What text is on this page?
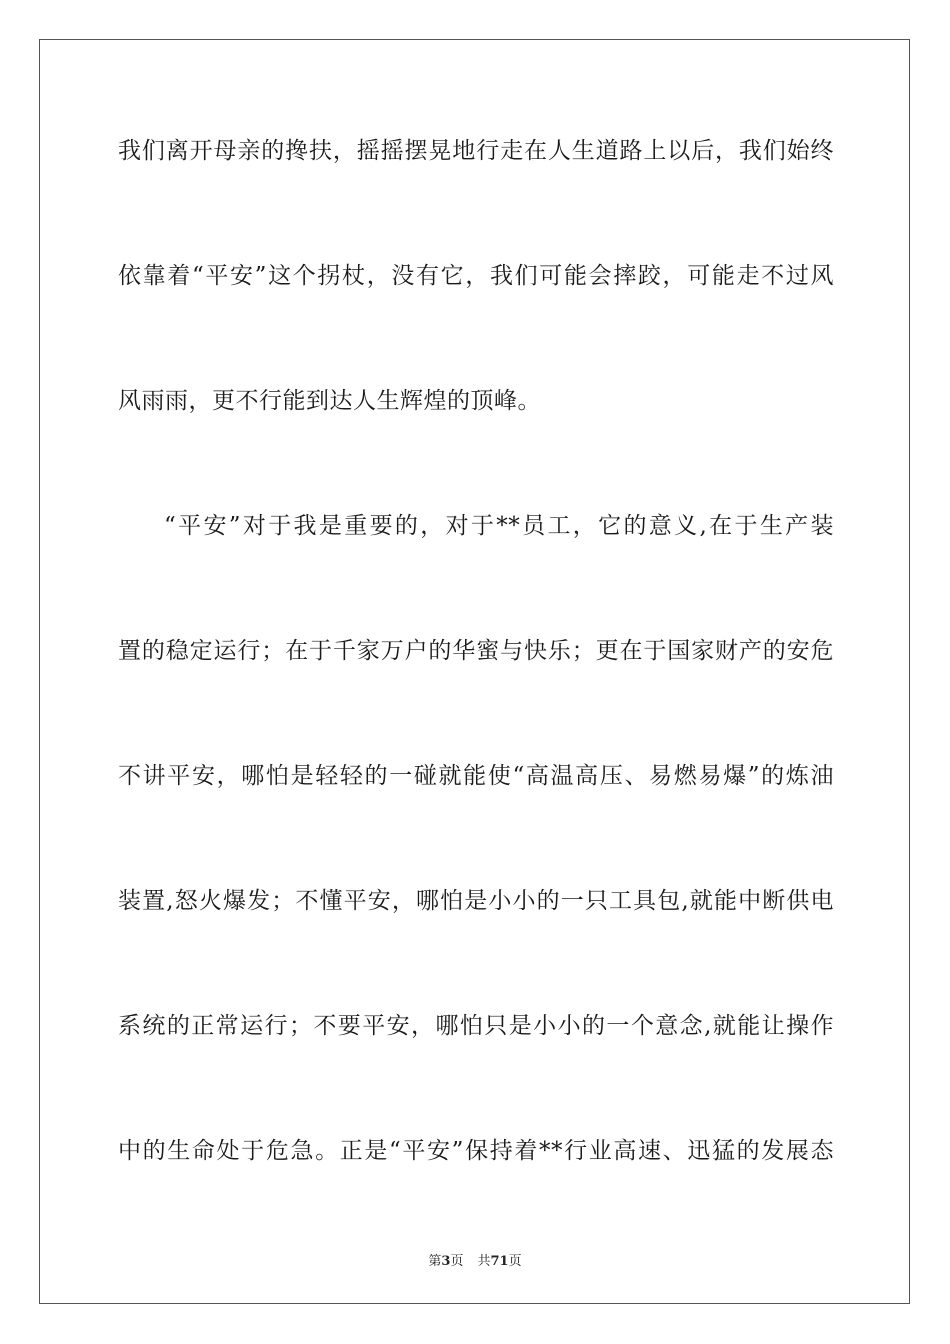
我们离开母亲的搀扶，摇摇摆晃地行走在人生道路上以后，我们始终
依靠着“平安”这个拐杖，没有它，我们可能会摔跤，可能走不过风
风雨雨，更不行能到达人生辉煌的顶峰。
“平安”对于我是重要的，对于**员工，它的意义,在于生产装
置的稳定运行；在于千家万户的华蜜与快乐；更在于国家财产的安危
不讲平安，哪怕是轻轻的一碰就能使“高温高压、易燃易爆”的炼油
装置,怒火爆发；不懂平安，哪怕是小小的一只工具包,就能中断供电
系统的正常运行；不要平安，哪怕只是小小的一个意念,就能让操作
中的生命处于危急。正是“平安”保持着**行业高速、迅猛的发展态
第3页 共71页
